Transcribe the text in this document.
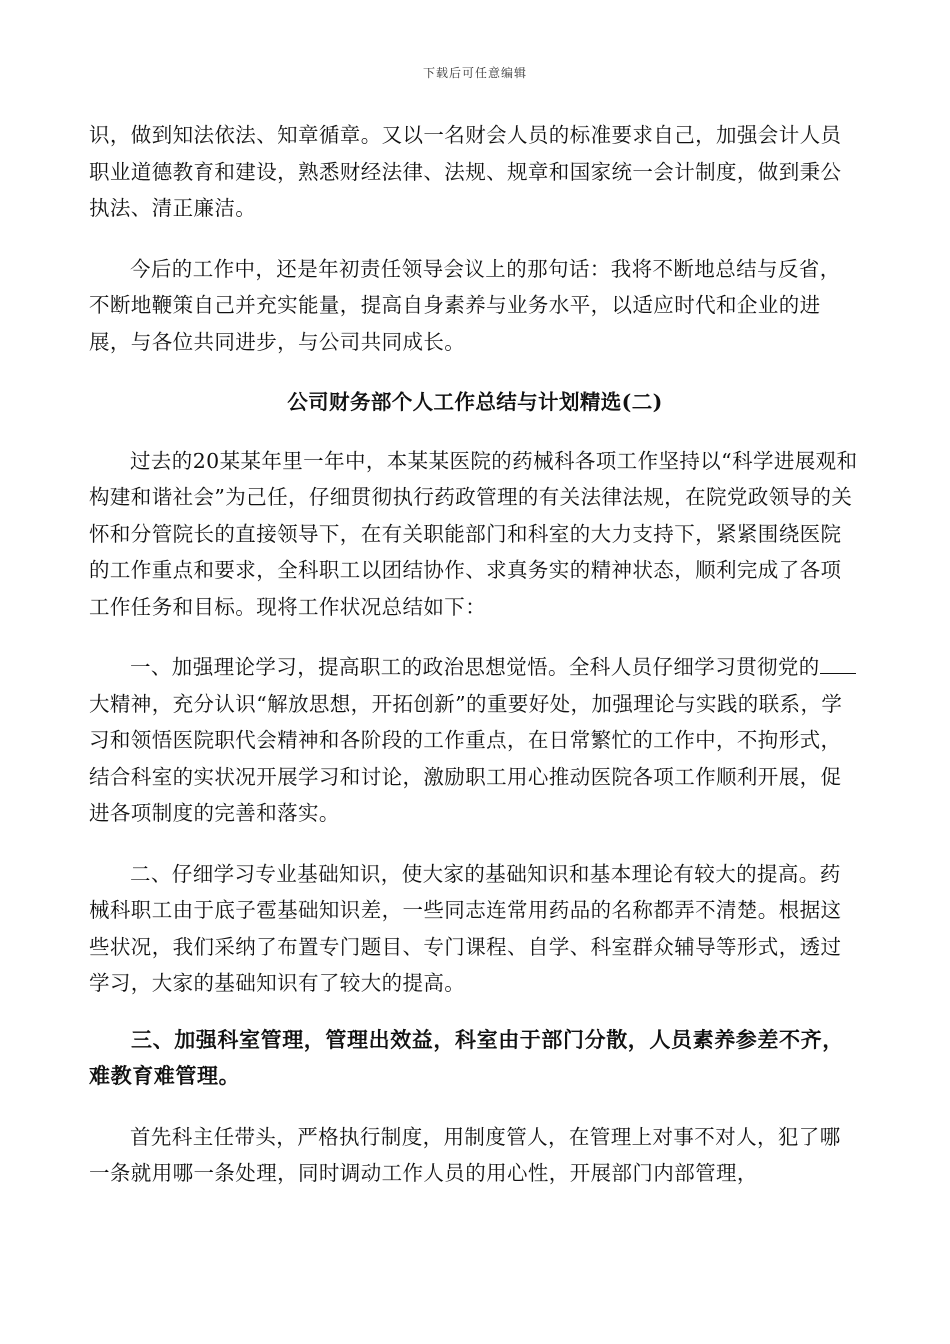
下载后可任意编辑

识，做到知法依法、知章循章。又以一名财会人员的标准要求自己，加强会计人员职业道德教育和建设，熟悉财经法律、法规、规章和国家统一会计制度，做到秉公执法、清正廉洁。

今后的工作中，还是年初责任领导会议上的那句话：我将不断地总结与反省，不断地鞭策自己并充实能量，提高自身素养与业务水平，以适应时代和企业的进展，与各位共同进步，与公司共同成长。

公司财务部个人工作总结与计划精选(二)

过去的20某某年里一年中，本某某医院的药械科各项工作坚持以“科学进展观和构建和谐社会”为己任，仔细贯彻执行药政管理的有关法律法规，在院党政领导的关怀和分管院长的直接领导下，在有关职能部门和科室的大力支持下，紧紧围绕医院的工作重点和要求，全科职工以团结协作、求真务实的精神状态，顺利完成了各项工作任务和目标。现将工作状况总结如下：

一、加强理论学习，提高职工的政治思想觉悟。全科人员仔细学习贯彻党的大精神，充分认识“解放思想，开拓创新”的重要好处，加强理论与实践的联系，学习和领悟医院职代会精神和各阶段的工作重点，在日常繁忙的工作中，不拘形式，结合科室的实状况开展学习和讨论，激励职工用心推动医院各项工作顺利开展，促进各项制度的完善和落实。

二、仔细学习专业基础知识，使大家的基础知识和基本理论有较大的提高。药械科职工由于底子雹基础知识差，一些同志连常用药品的名称都弄不清楚。根据这些状况，我们采纳了布置专门题目、专门课程、自学、科室群众辅导等形式，透过学习，大家的基础知识有了较大的提高。

三、加强科室管理，管理出效益，科室由于部门分散，人员素养参差不齐，难教育难管理。

首先科主任带头，严格执行制度，用制度管人，在管理上对事不对人，犯了哪一条就用哪一条处理，同时调动工作人员的用心性，开展部门内部管理，
